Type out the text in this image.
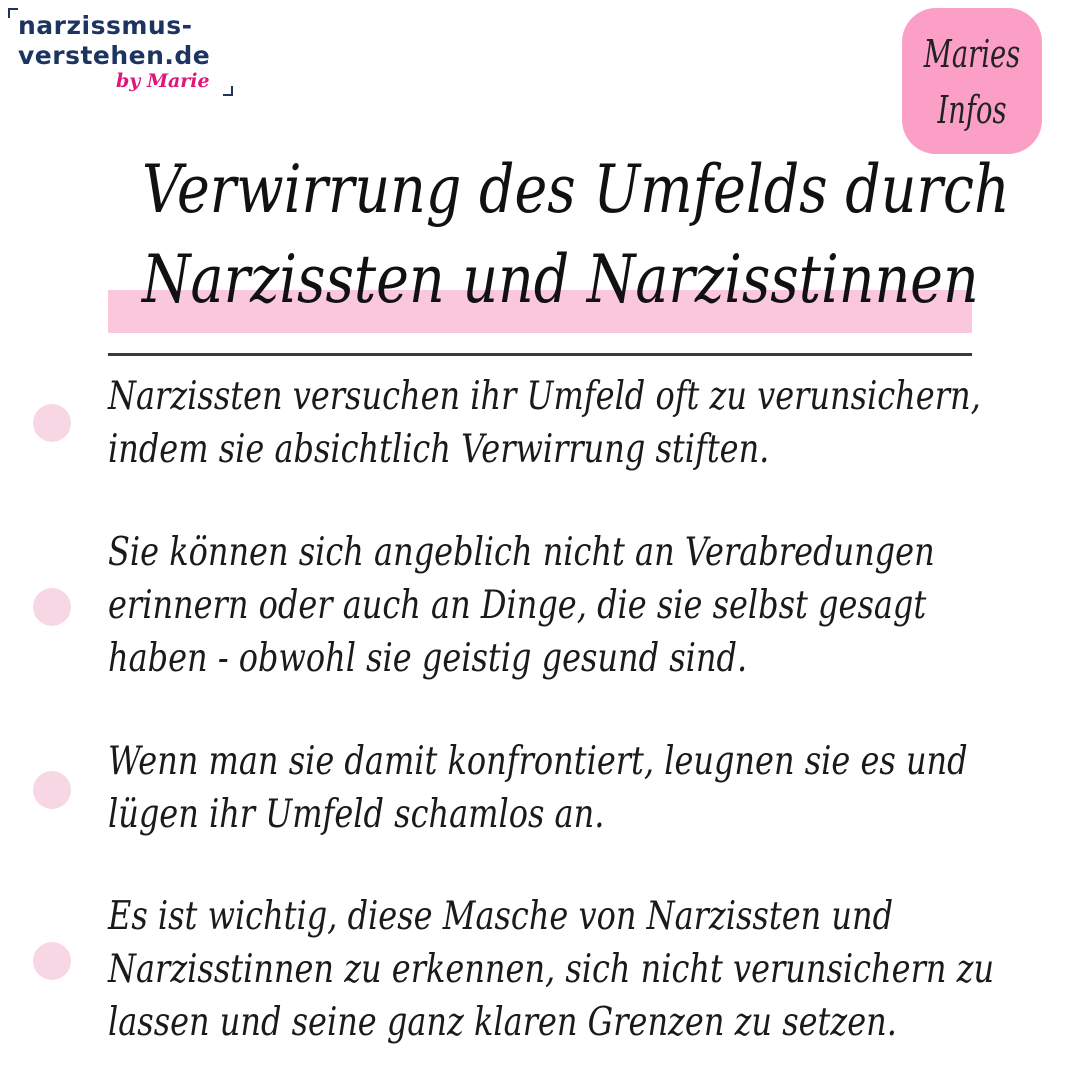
narzissmus-
verstehen.de
by Marie
Maries
Infos
Verwirrung des Umfelds durch
Narzissten und Narzisstinnen
Narzissten versuchen ihr Umfeld oft zu verunsichern,
indem sie absichtlich Verwirrung stiften.
Sie können sich angeblich nicht an Verabredungen
erinnern oder auch an Dinge, die sie selbst gesagt
haben - obwohl sie geistig gesund sind.
Wenn man sie damit konfrontiert, leugnen sie es und
lügen ihr Umfeld schamlos an.
Es ist wichtig, diese Masche von Narzissten und
Narzisstinnen zu erkennen, sich nicht verunsichern zu
lassen und seine ganz klaren Grenzen zu setzen.
